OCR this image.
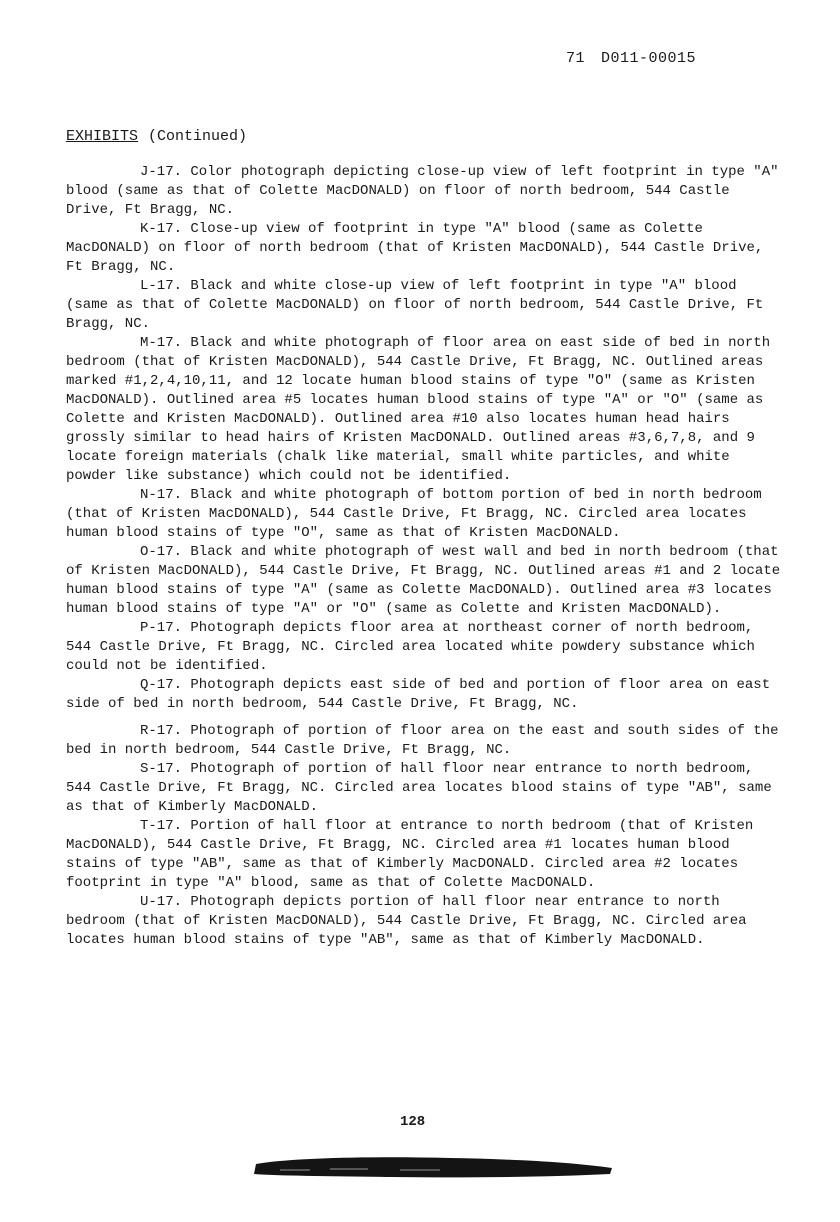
71 D011-00015
EXHIBITS (Continued)

J-17. Color photograph depicting close-up view of left footprint in type "A" blood (same as that of Colette MacDONALD) on floor of north bedroom, 544 Castle Drive, Ft Bragg, NC.

K-17. Close-up view of footprint in type "A" blood (same as Colette MacDONALD) on floor of north bedroom (that of Kristen MacDONALD), 544 Castle Drive, Ft Bragg, NC.

L-17. Black and white close-up view of left footprint in type "A" blood (same as that of Colette MacDONALD) on floor of north bedroom, 544 Castle Drive, Ft Bragg, NC.

M-17. Black and white photograph of floor area on east side of bed in north bedroom (that of Kristen MacDONALD), 544 Castle Drive, Ft Bragg, NC. Outlined areas marked #1,2,4,10,11, and 12 locate human blood stains of type "O" (same as Kristen MacDONALD). Outlined area #5 locates human blood stains of type "A" or "O" (same as Colette and Kristen MacDONALD). Outlined area #10 also locates human head hairs grossly similar to head hairs of Kristen MacDONALD. Outlined areas #3,6,7,8, and 9 locate foreign materials (chalk like material, small white particles, and white powder like substance) which could not be identified.

N-17. Black and white photograph of bottom portion of bed in north bedroom (that of Kristen MacDONALD), 544 Castle Drive, Ft Bragg, NC. Circled area locates human blood stains of type "O", same as that of Kristen MacDONALD.

O-17. Black and white photograph of west wall and bed in north bedroom (that of Kristen MacDONALD), 544 Castle Drive, Ft Bragg, NC. Outlined areas #1 and 2 locate human blood stains of type "A" (same as Colette MacDONALD). Outlined area #3 locates human blood stains of type "A" or "O" (same as Colette and Kristen MacDONALD).

P-17. Photograph depicts floor area at northeast corner of north bedroom, 544 Castle Drive, Ft Bragg, NC. Circled area located white powdery substance which could not be identified.

Q-17. Photograph depicts east side of bed and portion of floor area on east side of bed in north bedroom, 544 Castle Drive, Ft Bragg, NC.

R-17. Photograph of portion of floor area on the east and south sides of the bed in north bedroom, 544 Castle Drive, Ft Bragg, NC.

S-17. Photograph of portion of hall floor near entrance to north bedroom, 544 Castle Drive, Ft Bragg, NC. Circled area locates blood stains of type "AB", same as that of Kimberly MacDONALD.

T-17. Portion of hall floor at entrance to north bedroom (that of Kristen MacDONALD), 544 Castle Drive, Ft Bragg, NC. Circled area #1 locates human blood stains of type "AB", same as that of Kimberly MacDONALD. Circled area #2 locates footprint in type "A" blood, same as that of Colette MacDONALD.

U-17. Photograph depicts portion of hall floor near entrance to north bedroom (that of Kristen MacDONALD), 544 Castle Drive, Ft Bragg, NC. Circled area locates human blood stains of type "AB", same as that of Kimberly MacDONALD.

128
